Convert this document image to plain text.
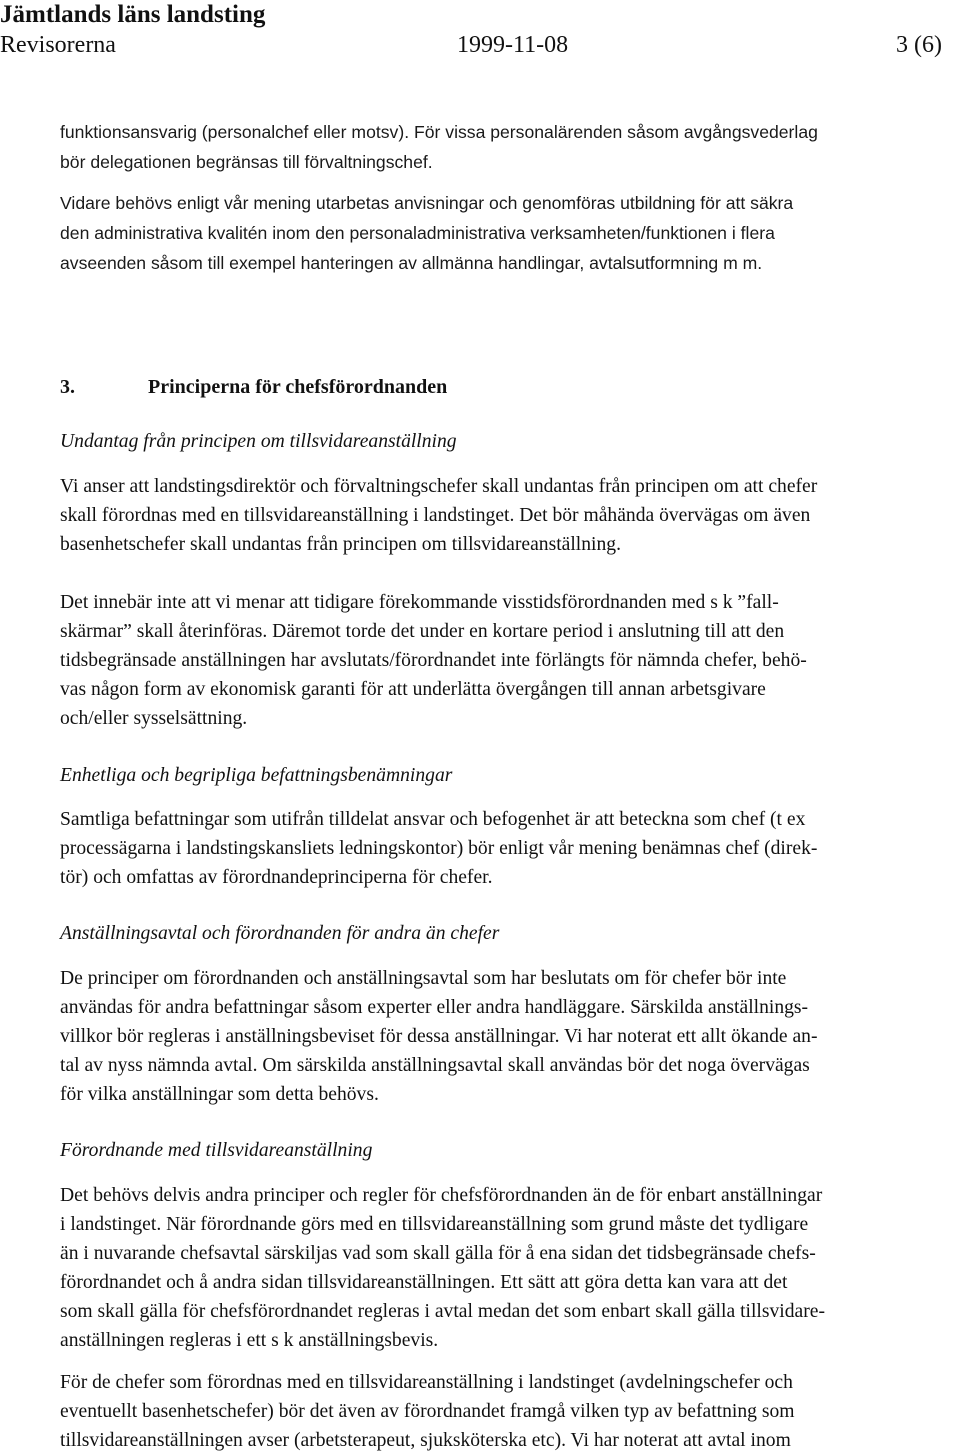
Jämtlands läns landsting
Revisorerna	1999-11-08	3 (6)
funktionsansvarig (personalchef eller motsv). För vissa personalärenden såsom avgångsvederlag
bör delegationen begränsas till förvaltningschef.
Vidare behövs enligt vår mening utarbetas anvisningar och genomföras utbildning för att säkra
den administrativa kvalitén inom den personaladministrativa verksamheten/funktionen i flera
avseenden såsom till exempel hanteringen av allmänna handlingar, avtalsutformning m m.
3.	Principerna för chefsförordnanden
Undantag från principen om tillsvidareanställning
Vi anser att landstingsdirektör och förvaltningschefer skall undantas från principen om att chefer
skall förordnas med en tillsvidareanställning i landstinget. Det bör måhända övervägas om även
basenhetschefer skall undantas från principen om tillsvidareanställning.
Det innebär inte att vi menar att tidigare förekommande visstidsförordnanden med s k ”fall-
skärmar” skall återinföras. Däremot torde det under en kortare period i anslutning till att den
tidsbegränsade anställningen har avslutats/förordnandet inte förlängts för nämnda chefer, behö-
vas någon form av ekonomisk garanti för att underlätta övergången till annan arbetsgivare
och/eller sysselsättning.
Enhetliga och begripliga befattningsbenämningar
Samtliga befattningar som utifrån tilldelat ansvar och befogenhet är att beteckna som chef (t ex
processägarna i landstingskansliets ledningskontor) bör enligt vår mening benämnas chef (direk-
tör) och omfattas av förordnandeprinciperna för chefer.
Anställningsavtal och förordnanden för andra än chefer
De principer om förordnanden och anställningsavtal som har beslutats om för chefer bör inte
användas för andra befattningar såsom experter eller andra handläggare. Särskilda anställnings-
villkor bör regleras i anställningsbeviset för dessa anställningar. Vi har noterat ett allt ökande an-
tal av nyss nämnda avtal. Om särskilda anställningsavtal skall användas bör det noga övervägas
för vilka anställningar som detta behövs.
Förordnande med tillsvidareanställning
Det behövs delvis andra principer och regler för chefsförordnanden än de för enbart anställningar
i landstinget. När förordnande görs med en tillsvidareanställning som grund måste det tydligare
än i nuvarande chefsavtal särskiljas vad som skall gälla för å ena sidan det tidsbegränsade chefs-
förordnandet och å andra sidan tillsvidareanställningen. Ett sätt att göra detta kan vara att det
som skall gälla för chefsförordnandet regleras i avtal medan det som enbart skall gälla tillsvidare-
anställningen regleras i ett s k anställningsbevis.
För de chefer som förordnas med en tillsvidareanställning i landstinget (avdelningschefer och
eventuellt basenhetschefer) bör det även av förordnandet framgå vilken typ av befattning som
tillsvidareanställningen avser (arbetsterapeut, sjuksköterska etc). Vi har noterat att avtal inom
